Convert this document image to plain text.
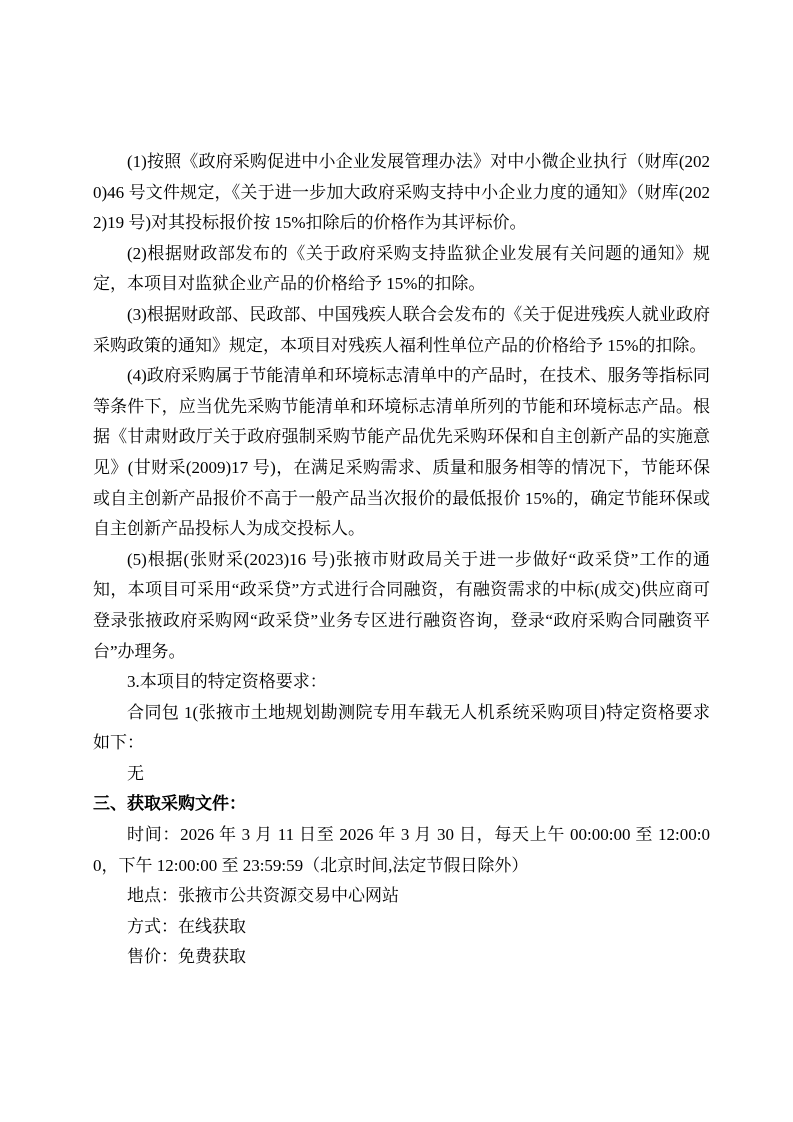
(1)按照《政府采购促进中小企业发展管理办法》对中小微企业执行（财库(2020)46 号文件规定，《关于进一步加大政府采购支持中小企业力度的通知》（财库(2022)19 号)对其投标报价按 15%扣除后的价格作为其评标价。

(2)根据财政部发布的《关于政府采购支持监狱企业发展有关问题的通知》规定，本项目对监狱企业产品的价格给予 15%的扣除。

(3)根据财政部、民政部、中国残疾人联合会发布的《关于促进残疾人就业政府采购政策的通知》规定，本项目对残疾人福利性单位产品的价格给予 15%的扣除。

(4)政府采购属于节能清单和环境标志清单中的产品时，在技术、服务等指标同等条件下，应当优先采购节能清单和环境标志清单所列的节能和环境标志产品。根据《甘肃财政厅关于政府强制采购节能产品优先采购环保和自主创新产品的实施意见》(甘财采(2009)17 号)，在满足采购需求、质量和服务相等的情况下，节能环保或自主创新产品报价不高于一般产品当次报价的最低报价 15%的，确定节能环保或自主创新产品投标人为成交投标人。

(5)根据(张财采(2023)16 号)张掖市财政局关于进一步做好“政采贷”工作的通知，本项目可采用“政采贷”方式进行合同融资，有融资需求的中标(成交)供应商可登录张掖政府采购网“政采贷”业务专区进行融资咨询，登录“政府采购合同融资平台”办理务。

3.本项目的特定资格要求：

合同包 1(张掖市土地规划勘测院专用车载无人机系统采购项目)特定资格要求如下：

无

三、获取采购文件：

时间：2026 年 3 月 11 日至 2026 年 3 月 30 日，每天上午 00:00:00 至 12:00:00，下午 12:00:00 至 23:59:59（北京时间,法定节假日除外）

地点：张掖市公共资源交易中心网站

方式：在线获取

售价：免费获取
